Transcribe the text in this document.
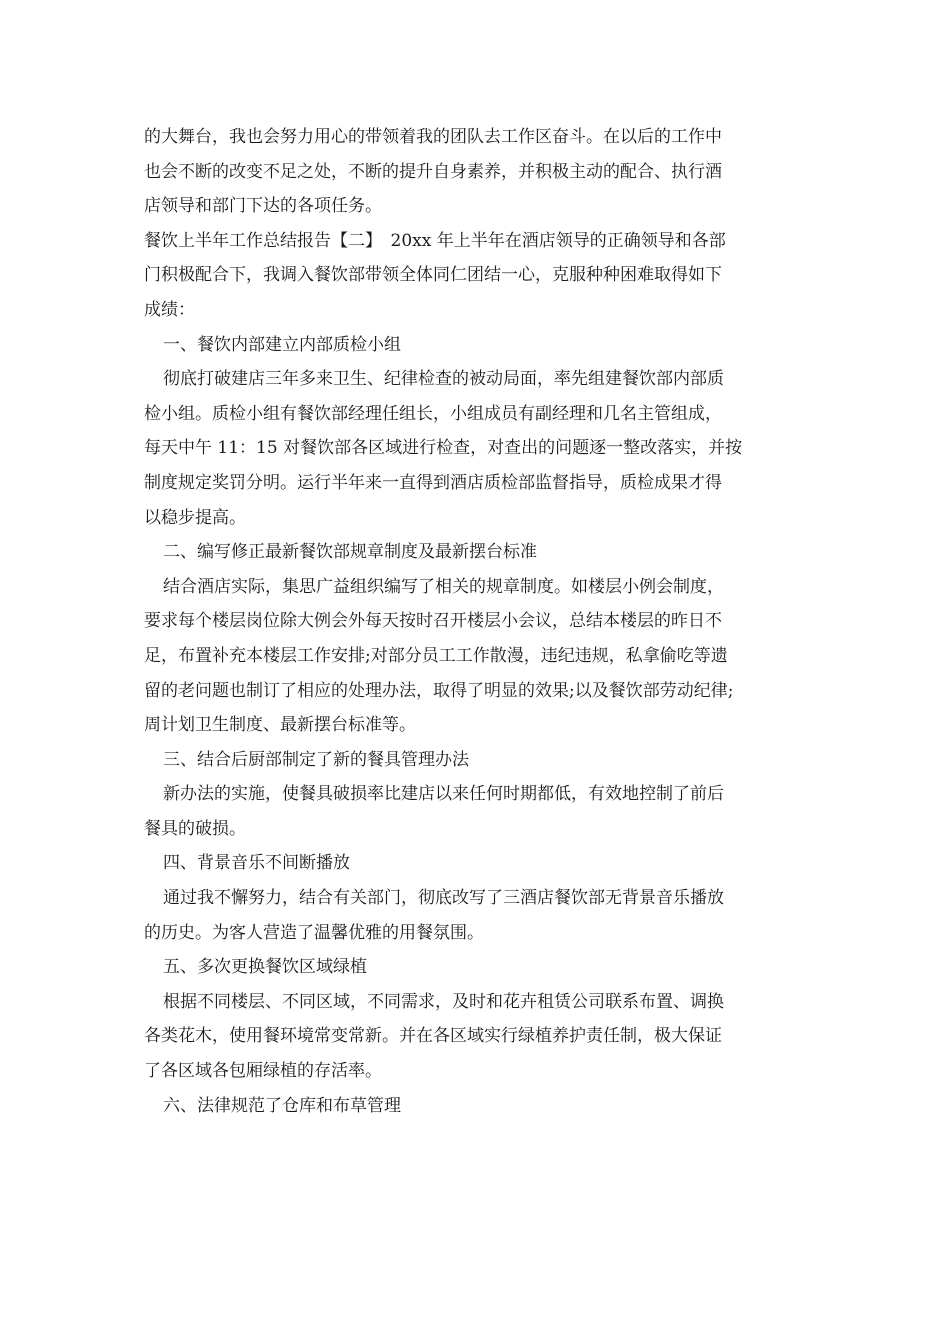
的大舞台，我也会努力用心的带领着我的团队去工作区奋斗。在以后的工作中
也会不断的改变不足之处，不断的提升自身素养，并积极主动的配合、执行酒
店领导和部门下达的各项任务。
餐饮上半年工作总结报告【二】　20xx 年上半年在酒店领导的正确领导和各部
门积极配合下，我调入餐饮部带领全体同仁团结一心，克服种种困难取得如下
成绩：
一、餐饮内部建立内部质检小组
彻底打破建店三年多来卫生、纪律检查的被动局面，率先组建餐饮部内部质
检小组。质检小组有餐饮部经理任组长，小组成员有副经理和几名主管组成，
每天中午 11：15 对餐饮部各区域进行检查，对查出的问题逐一整改落实，并按
制度规定奖罚分明。运行半年来一直得到酒店质检部监督指导，质检成果才得
以稳步提高。
二、编写修正最新餐饮部规章制度及最新摆台标准
结合酒店实际，集思广益组织编写了相关的规章制度。如楼层小例会制度，
要求每个楼层岗位除大例会外每天按时召开楼层小会议，总结本楼层的昨日不
足，布置补充本楼层工作安排;对部分员工工作散漫，违纪违规，私拿偷吃等遗
留的老问题也制订了相应的处理办法，取得了明显的效果;以及餐饮部劳动纪律;
周计划卫生制度、最新摆台标准等。
三、结合后厨部制定了新的餐具管理办法
新办法的实施，使餐具破损率比建店以来任何时期都低，有效地控制了前后
餐具的破损。
四、背景音乐不间断播放
通过我不懈努力，结合有关部门，彻底改写了三酒店餐饮部无背景音乐播放
的历史。为客人营造了温馨优雅的用餐氛围。
五、多次更换餐饮区域绿植
根据不同楼层、不同区域，不同需求，及时和花卉租赁公司联系布置、调换
各类花木，使用餐环境常变常新。并在各区域实行绿植养护责任制，极大保证
了各区域各包厢绿植的存活率。
六、法律规范了仓库和布草管理
